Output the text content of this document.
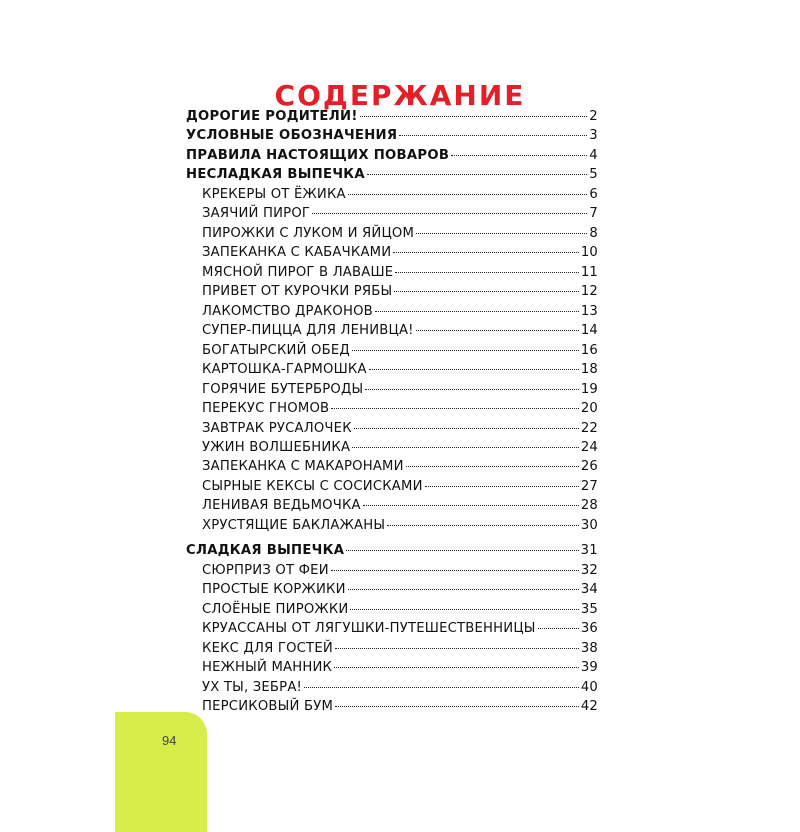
94
СОДЕРЖАНИЕ
ДОРОГИЕ РОДИТЕЛИ!	2
УСЛОВНЫЕ ОБОЗНАЧЕНИЯ	3
ПРАВИЛА НАСТОЯЩИХ ПОВАРОВ	4
НЕСЛАДКАЯ ВЫПЕЧКА	5
КРЕКЕРЫ ОТ ЁЖИКА	6
ЗАЯЧИЙ ПИРОГ	7
ПИРОЖКИ С ЛУКОМ И ЯЙЦОМ	8
ЗАПЕКАНКА С КАБАЧКАМИ	10
МЯСНОЙ ПИРОГ В ЛАВАШЕ	11
ПРИВЕТ ОТ КУРОЧКИ РЯБЫ	12
ЛАКОМСТВО ДРАКОНОВ	13
СУПЕР-ПИЦЦА ДЛЯ ЛЕНИВЦА!	14
БОГАТЫРСКИЙ ОБЕД	16
КАРТОШКА-ГАРМОШКА	18
ГОРЯЧИЕ БУТЕРБРОДЫ	19
ПЕРЕКУС ГНОМОВ	20
ЗАВТРАК РУСАЛОЧЕК	22
УЖИН ВОЛШЕБНИКА	24
ЗАПЕКАНКА С МАКАРОНАМИ	26
СЫРНЫЕ КЕКСЫ С СОСИСКАМИ	27
ЛЕНИВАЯ ВЕДЬМОЧКА	28
ХРУСТЯЩИЕ БАКЛАЖАНЫ	30
СЛАДКАЯ ВЫПЕЧКА	31
СЮРПРИЗ ОТ ФЕИ	32
ПРОСТЫЕ КОРЖИКИ	34
СЛОЁНЫЕ ПИРОЖКИ	35
КРУАССАНЫ ОТ ЛЯГУШКИ-ПУТЕШЕСТВЕННИЦЫ	36
КЕКС ДЛЯ ГОСТЕЙ	38
НЕЖНЫЙ МАННИК	39
УХ ТЫ, ЗЕБРА!	40
ПЕРСИКОВЫЙ БУМ	42
